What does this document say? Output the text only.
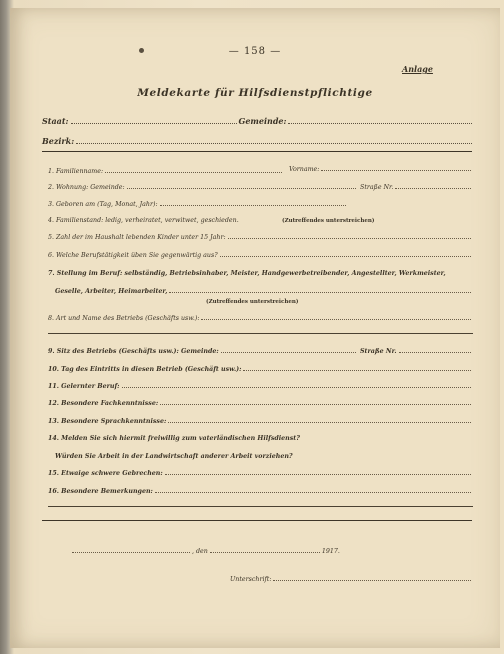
— 158 —
Anlage
Meldekarte für Hilfsdienstpflichtige
Staat:	Gemeinde:
Bezirk:
1. Familienname:	Vorname:
2. Wohnung: Gemeinde:	Straße Nr.
3. Geboren am (Tag, Monat, Jahr):
4. Familienstand: ledig, verheiratet, verwitwet, geschieden.	(Zutreffendes unterstreichen)
5. Zahl der im Haushalt lebenden Kinder unter 15 Jahr:
6. Welche Berufstätigkeit üben Sie gegenwärtig aus?
7. Stellung im Beruf: selbständig, Betriebsinhaber, Meister, Handgewerbetreibender, Angestellter, Werkmeister,
Geselle, Arbeiter, Heimarbeiter,
(Zutreffendes unterstreichen)
8. Art und Name des Betriebs (Geschäfts usw.):
9. Sitz des Betriebs (Geschäfts usw.): Gemeinde:	Straße Nr.
10. Tag des Eintritts in diesen Betrieb (Geschäft usw.):
11. Gelernter Beruf:
12. Besondere Fachkenntnisse:
13. Besondere Sprachkenntnisse:
14. Melden Sie sich hiermit freiwillig zum vaterländischen Hilfsdienst?
Würden Sie Arbeit in der Landwirtschaft anderer Arbeit vorziehen?
15. Etwaige schwere Gebrechen:
16. Besondere Bemerkungen:
, den	1917.
Unterschrift:
